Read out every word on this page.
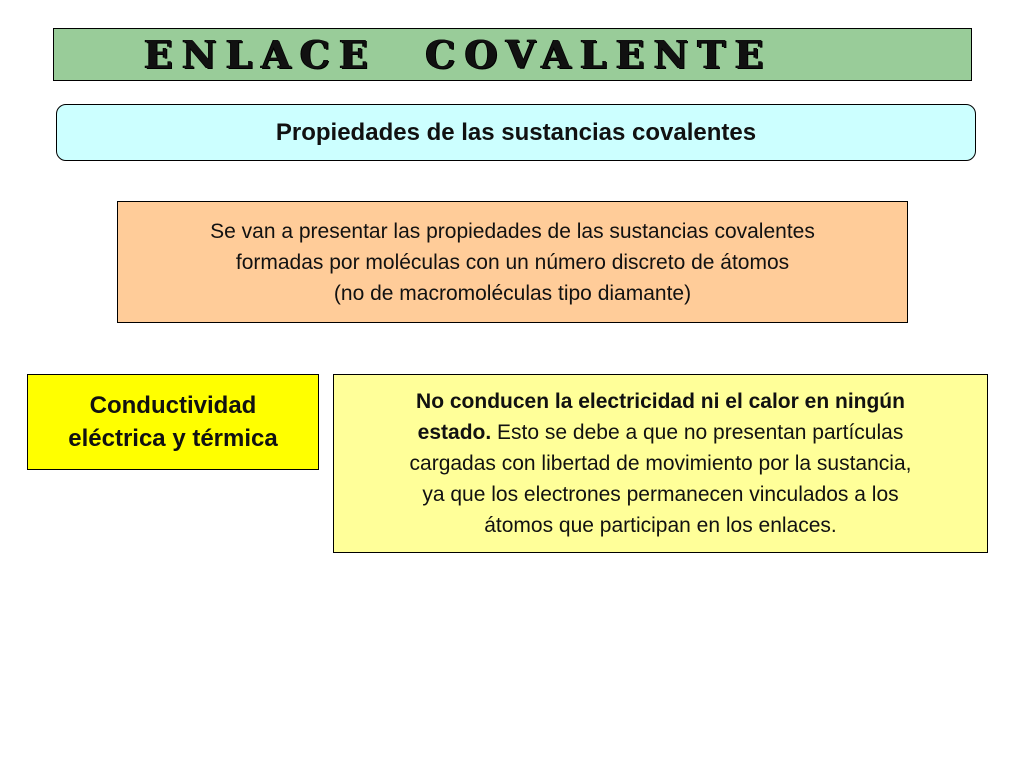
ENLACE COVALENTE
Propiedades de las sustancias covalentes
Se van a presentar las propiedades de las sustancias covalentes
formadas por moléculas con un número discreto de átomos
(no de macromoléculas tipo diamante)
Conductividad
eléctrica y térmica
No conducen la electricidad ni el calor en ningún
estado. Esto se debe a que no presentan partículas
cargadas con libertad de movimiento por la sustancia,
ya que los electrones permanecen vinculados a los
átomos que participan en los enlaces.
